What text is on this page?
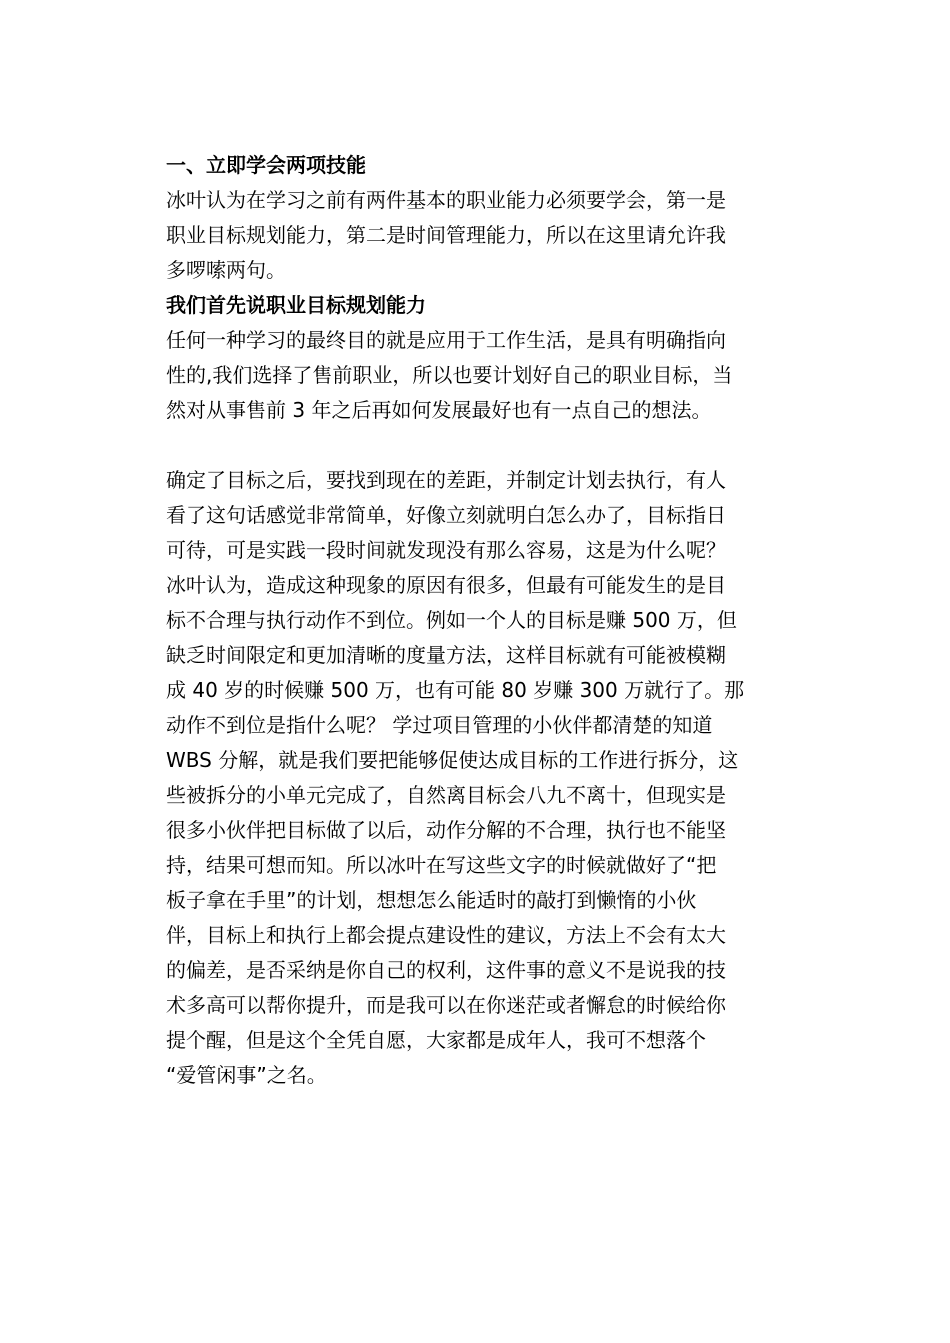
一、立即学会两项技能
冰叶认为在学习之前有两件基本的职业能力必须要学会，第一是
职业目标规划能力，第二是时间管理能力，所以在这里请允许我
多啰嗦两句。
我们首先说职业目标规划能力
任何一种学习的最终目的就是应用于工作生活，是具有明确指向
性的,我们选择了售前职业，所以也要计划好自己的职业目标，当
然对从事售前 3 年之后再如何发展最好也有一点自己的想法。
确定了目标之后，要找到现在的差距，并制定计划去执行，有人
看了这句话感觉非常简单，好像立刻就明白怎么办了，目标指日
可待，可是实践一段时间就发现没有那么容易，这是为什么呢？
冰叶认为，造成这种现象的原因有很多，但最有可能发生的是目
标不合理与执行动作不到位。例如一个人的目标是赚 500 万，但
缺乏时间限定和更加清晰的度量方法，这样目标就有可能被模糊
成 40 岁的时候赚 500 万，也有可能 80 岁赚 300 万就行了。那
动作不到位是指什么呢？ 学过项目管理的小伙伴都清楚的知道
WBS 分解，就是我们要把能够促使达成目标的工作进行拆分，这
些被拆分的小单元完成了，自然离目标会八九不离十，但现实是
很多小伙伴把目标做了以后，动作分解的不合理，执行也不能坚
持，结果可想而知。所以冰叶在写这些文字的时候就做好了“把
板子拿在手里”的计划，想想怎么能适时的敲打到懒惰的小伙
伴，目标上和执行上都会提点建设性的建议，方法上不会有太大
的偏差，是否采纳是你自己的权利，这件事的意义不是说我的技
术多高可以帮你提升，而是我可以在你迷茫或者懈怠的时候给你
提个醒，但是这个全凭自愿，大家都是成年人，我可不想落个
“爱管闲事”之名。
